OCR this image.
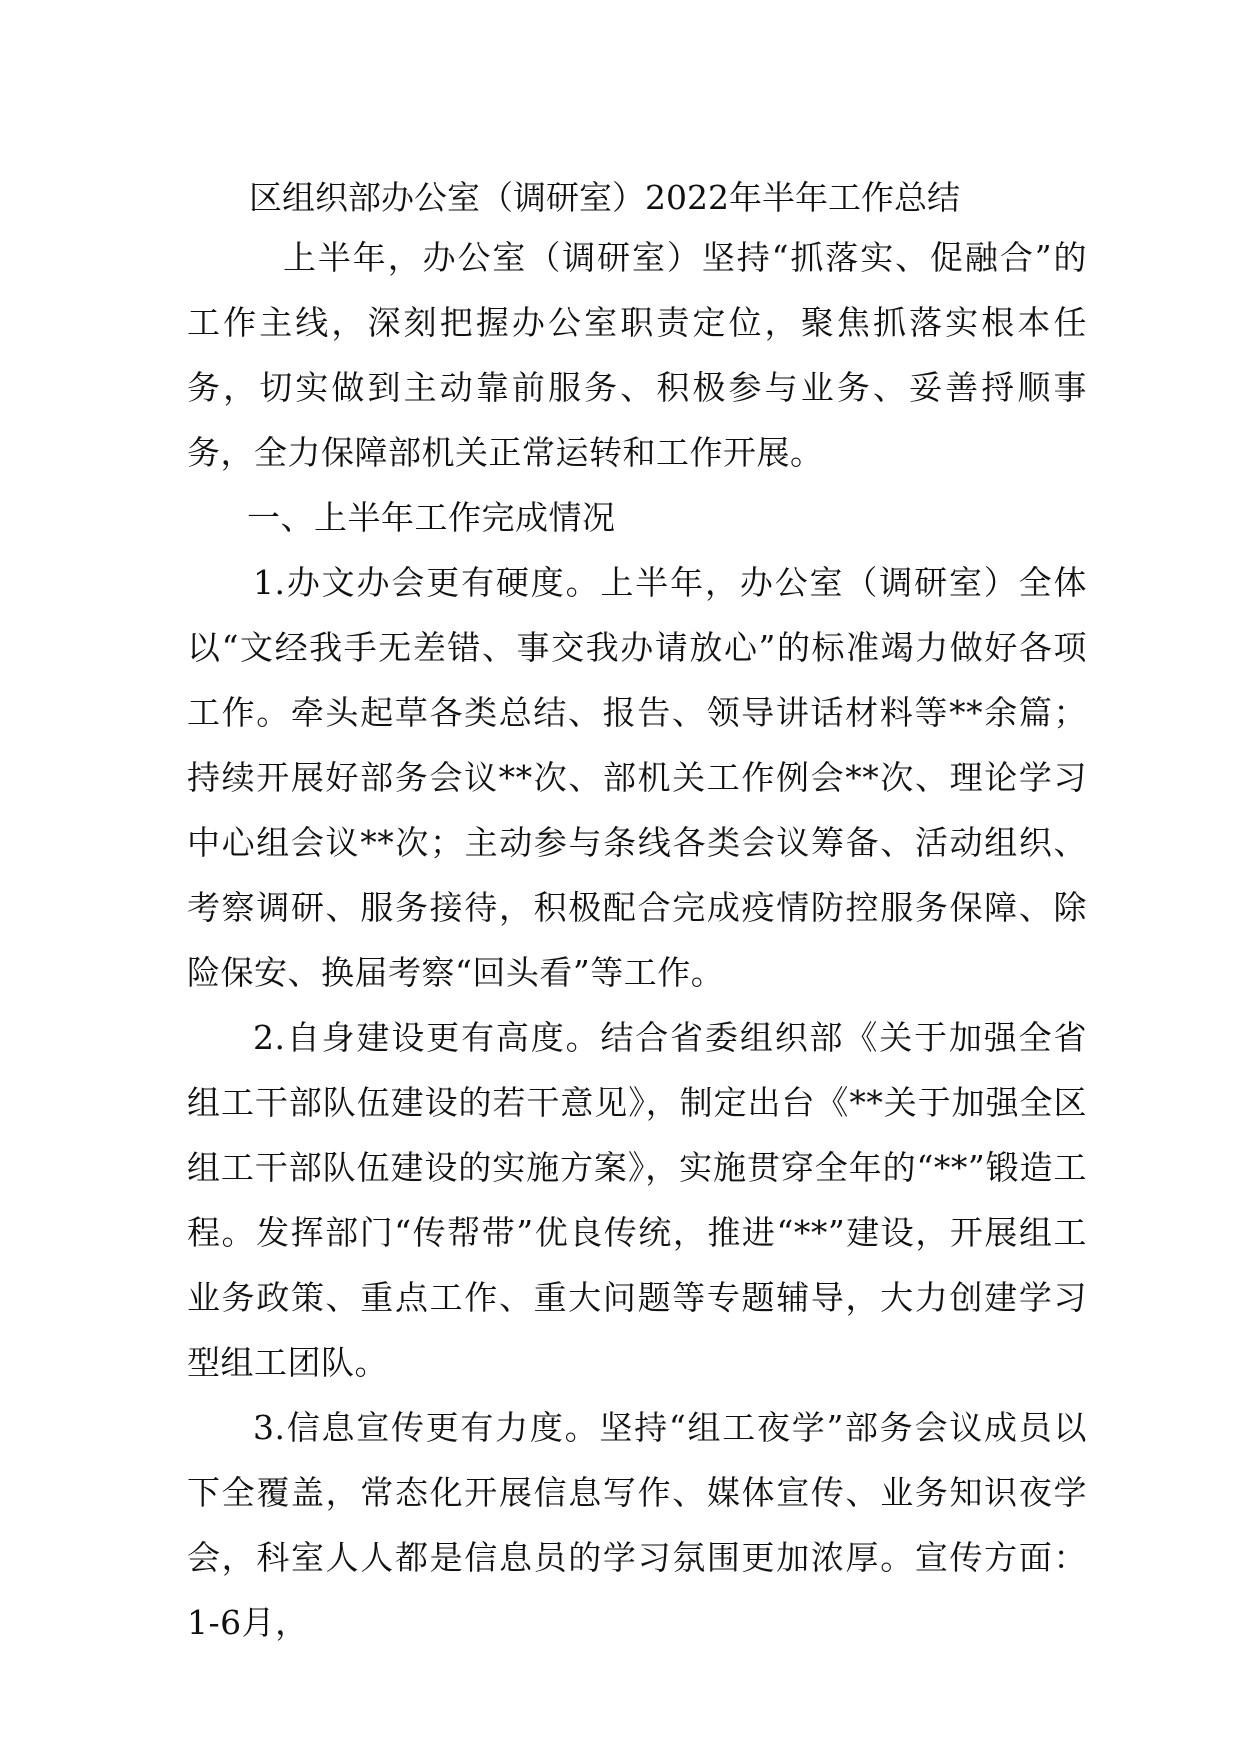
区组织部办公室（调研室）2022年半年工作总结

上半年，办公室（调研室）坚持“抓落实、促融合”的工作主线，深刻把握办公室职责定位，聚焦抓落实根本任务，切实做到主动靠前服务、积极参与业务、妥善捋顺事务，全力保障部机关正常运转和工作开展。

一、上半年工作完成情况

1.办文办会更有硬度。上半年，办公室（调研室）全体以“文经我手无差错、事交我办请放心”的标准竭力做好各项工作。牵头起草各类总结、报告、领导讲话材料等**余篇；持续开展好部务会议**次、部机关工作例会**次、理论学习中心组会议**次；主动参与条线各类会议筹备、活动组织、考察调研、服务接待，积极配合完成疫情防控服务保障、除险保安、换届考察“回头看”等工作。

2.自身建设更有高度。结合省委组织部《关于加强全省组工干部队伍建设的若干意见》，制定出台《**关于加强全区组工干部队伍建设的实施方案》，实施贯穿全年的“**”锻造工程。发挥部门“传帮带”优良传统，推进“**”建设，开展组工业务政策、重点工作、重大问题等专题辅导，大力创建学习型组工团队。

3.信息宣传更有力度。坚持“组工夜学”部务会议成员以下全覆盖，常态化开展信息写作、媒体宣传、业务知识夜学会，科室人人都是信息员的学习氛围更加浓厚。宣传方面：1-6月，
